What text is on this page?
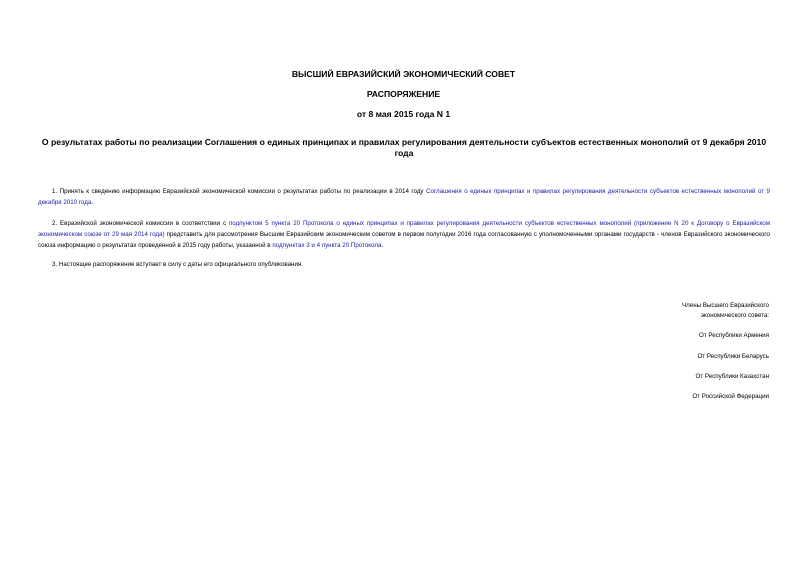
ВЫСШИЙ ЕВРАЗИЙСКИЙ ЭКОНОМИЧЕСКИЙ СОВЕТ
РАСПОРЯЖЕНИЕ
от 8 мая 2015 года N 1
О результатах работы по реализации Соглашения о единых принципах и правилах регулирования деятельности субъектов естественных монополий от 9 декабря 2010 года
1. Принять к сведению информацию Евразийской экономической комиссии о результатах работы по реализации в 2014 году Соглашения о единых принципах и правилах регулирования деятельности субъектов естественных монополий от 9 декабря 2010 года.
2. Евразийской экономической комиссии в соответствии с подпунктом 5 пункта 20 Протокола о единых принципах и правилах регулирования деятельности субъектов естественных монополий (приложение N 20 к Договору о Евразийском экономическом союзе от 29 мая 2014 года) представить для рассмотрения Высшим Евразийским экономическим советом в первом полугодии 2016 года согласованную с уполномоченными органами государств - членов Евразийского экономического союза информацию о результатах проведенной в 2015 году работы, указанной в подпунктах 3 и 4 пункта 20 Протокола.
3. Настоящее распоряжение вступает в силу с даты его официального опубликования.
Члены Высшего Евразийского
экономического совета:
От Республики Армения
От Республики Беларусь
От Республики Казахстан
От Российской Федерации
